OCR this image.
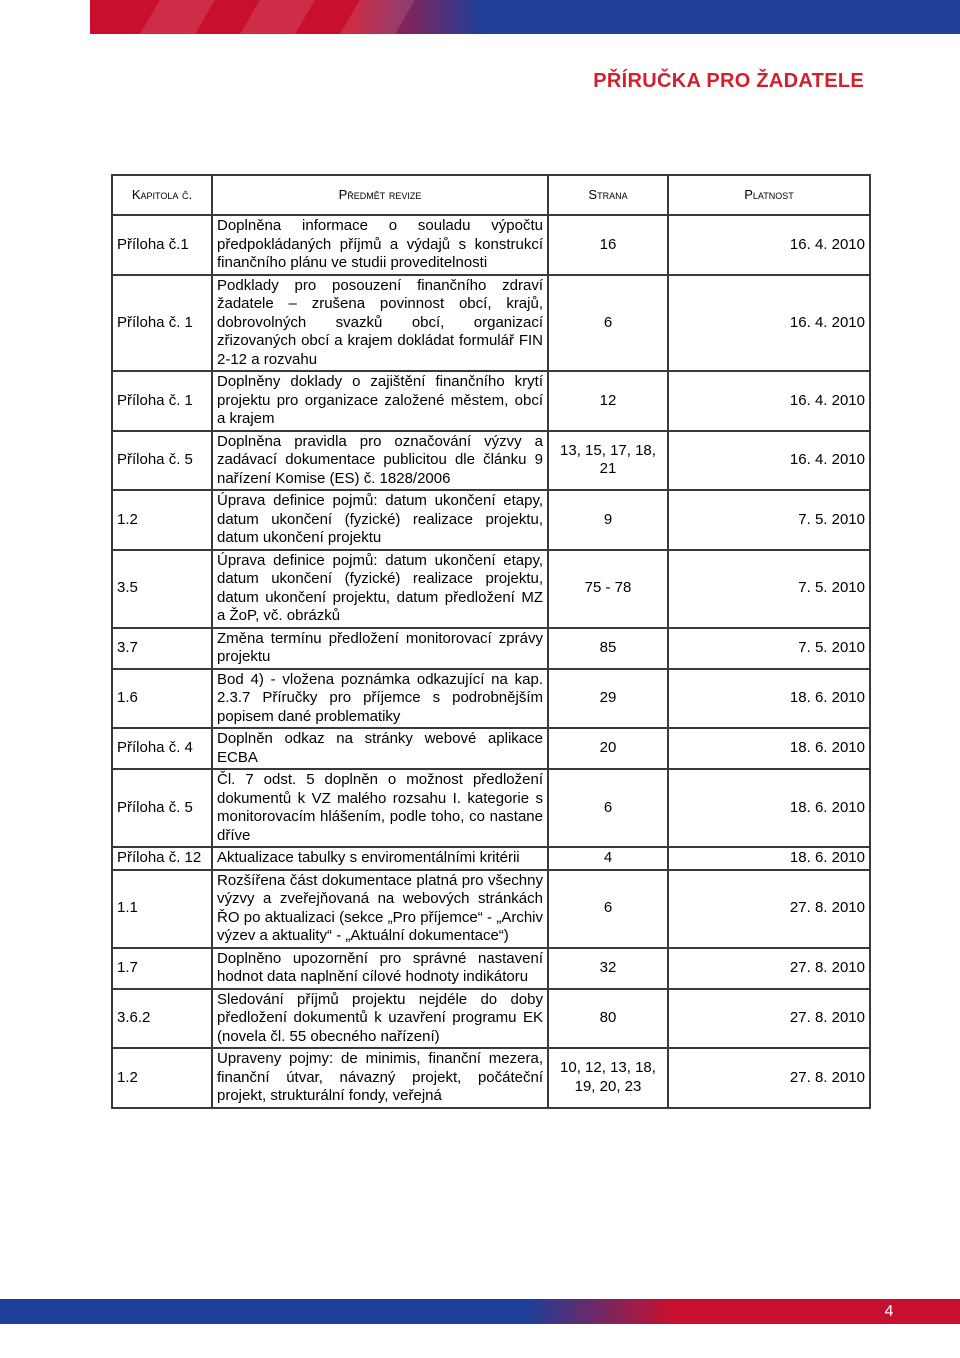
PŘÍRUČKA PRO ŽADATELE
Kapitola č.	Předmět revize	Strana	Platnost
Příloha č.1	Doplněna informace o souladu výpočtu předpokládaných příjmů a výdajů s konstrukcí finančního plánu ve studii proveditelnosti	16	16. 4. 2010
Příloha č. 1	Podklady pro posouzení finančního zdraví žadatele – zrušena povinnost obcí, krajů, dobrovolných svazků obcí, organizací zřizovaných obcí a krajem dokládat formulář FIN 2-12 a rozvahu	6	16. 4. 2010
Příloha č. 1	Doplněny doklady o zajištění finančního krytí projektu pro organizace založené městem, obcí a krajem	12	16. 4. 2010
Příloha č. 5	Doplněna pravidla pro označování výzvy a zadávací dokumentace publicitou dle článku 9 nařízení Komise (ES) č. 1828/2006	13, 15, 17, 18, 21	16. 4. 2010
1.2	Úprava definice pojmů: datum ukončení etapy, datum ukončení (fyzické) realizace projektu, datum ukončení projektu	9	7. 5. 2010
3.5	Úprava definice pojmů: datum ukončení etapy, datum ukončení (fyzické) realizace projektu, datum ukončení projektu, datum předložení MZ a ŽoP, vč. obrázků	75 - 78	7. 5. 2010
3.7	Změna termínu předložení monitorovací zprávy projektu	85	7. 5. 2010
1.6	Bod 4) - vložena poznámka odkazující na kap. 2.3.7 Příručky pro příjemce s podrobnějším popisem dané problematiky	29	18. 6. 2010
Příloha č. 4	Doplněn odkaz na stránky webové aplikace ECBA	20	18. 6. 2010
Příloha č. 5	Čl. 7 odst. 5 doplněn o možnost předložení dokumentů k VZ malého rozsahu I. kategorie s monitorovacím hlášením, podle toho, co nastane dříve	6	18. 6. 2010
Příloha č. 12	Aktualizace tabulky s enviromentálními kritérii	4	18. 6. 2010
1.1	Rozšířena část dokumentace platná pro všechny výzvy a zveřejňovaná na webových stránkách ŘO po aktualizaci (sekce „Pro příjemce“ - „Archiv výzev a aktuality“ - „Aktuální dokumentace“)	6	27. 8. 2010
1.7	Doplněno upozornění pro správné nastavení hodnot data naplnění cílové hodnoty indikátoru	32	27. 8. 2010
3.6.2	Sledování příjmů projektu nejdéle do doby předložení dokumentů k uzavření programu EK (novela čl. 55 obecného nařízení)	80	27. 8. 2010
1.2	Upraveny pojmy: de minimis, finanční mezera, finanční útvar, návazný projekt, počáteční projekt, strukturální fondy, veřejná	10, 12, 13, 18, 19, 20, 23	27. 8. 2010
4
